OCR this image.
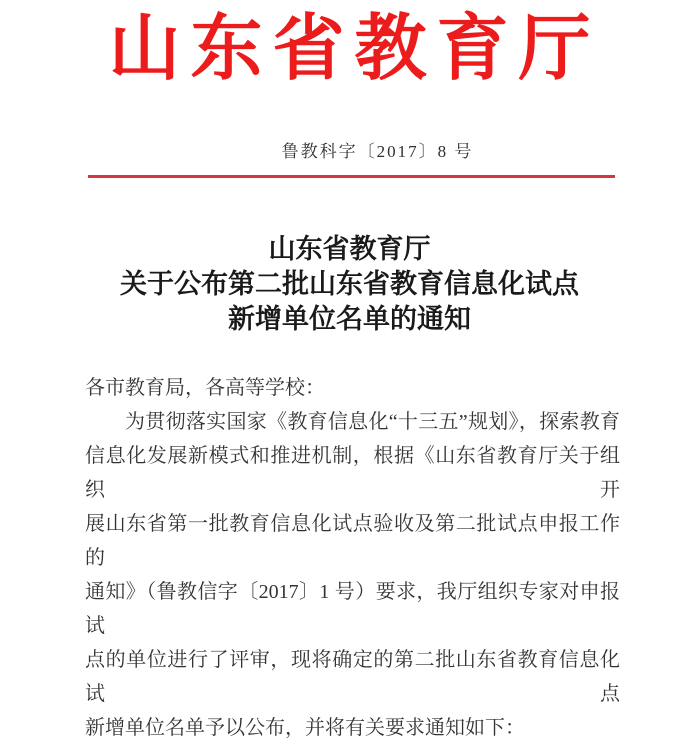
山东省教育厅
鲁教科字〔2017〕8 号
山东省教育厅
关于公布第二批山东省教育信息化试点
新增单位名单的通知
各市教育局，各高等学校：
为贯彻落实国家《教育信息化“十三五”规划》，探索教育
信息化发展新模式和推进机制，根据《山东省教育厅关于组织开
展山东省第一批教育信息化试点验收及第二批试点申报工作的
通知》（鲁教信字〔2017〕1 号）要求，我厅组织专家对申报试
点的单位进行了评审，现将确定的第二批山东省教育信息化试点
新增单位名单予以公布，并将有关要求通知如下：
